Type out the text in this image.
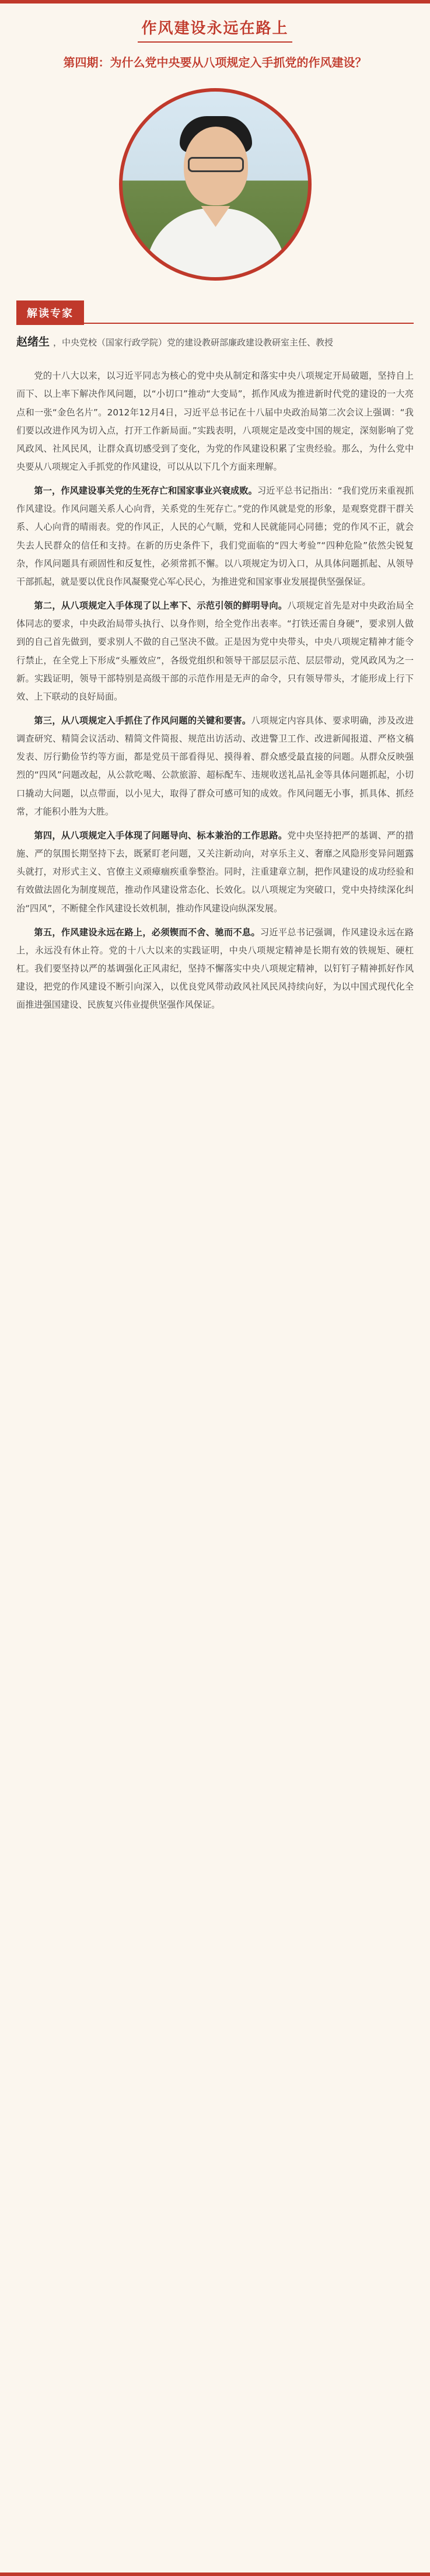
作风建设永远在路上
第四期：为什么党中央要从八项规定入手抓党的作风建设？
解读专家
赵绪生 ，中央党校（国家行政学院）党的建设教研部廉政建设教研室主任、教授

党的十八大以来，以习近平同志为核心的党中央从制定和落实中央八项规定开局破题，坚持自上而下、以上率下解决作风问题，以“小切口”推动“大变局”，抓作风成为推进新时代党的建设的一大亮点和一张“金色名片”。2012年12月4日，习近平总书记在十八届中央政治局第二次会议上强调：“我们要以改进作风为切入点，打开工作新局面。”实践表明，八项规定是改变中国的规定，深刻影响了党风政风、社风民风，让群众真切感受到了变化，为党的作风建设积累了宝贵经验。那么，为什么党中央要从八项规定入手抓党的作风建设，可以从以下几个方面来理解。

第一，作风建设事关党的生死存亡和国家事业兴衰成败。习近平总书记指出：“我们党历来重视抓作风建设。作风问题关系人心向背，关系党的生死存亡。”党的作风就是党的形象，是观察党群干群关系、人心向背的晴雨表。党的作风正，人民的心气顺，党和人民就能同心同德；党的作风不正，就会失去人民群众的信任和支持。在新的历史条件下，我们党面临的“四大考验”“四种危险”依然尖锐复杂，作风问题具有顽固性和反复性，必须常抓不懈。以八项规定为切入口，从具体问题抓起、从领导干部抓起，就是要以优良作风凝聚党心军心民心，为推进党和国家事业发展提供坚强保证。

第二，从八项规定入手体现了以上率下、示范引领的鲜明导向。八项规定首先是对中央政治局全体同志的要求，中央政治局带头执行、以身作则，给全党作出表率。“打铁还需自身硬”，要求别人做到的自己首先做到，要求别人不做的自己坚决不做。正是因为党中央带头，中央八项规定精神才能令行禁止，在全党上下形成“头雁效应”，各级党组织和领导干部层层示范、层层带动，党风政风为之一新。实践证明，领导干部特别是高级干部的示范作用是无声的命令，只有领导带头，才能形成上行下效、上下联动的良好局面。

第三，从八项规定入手抓住了作风问题的关键和要害。八项规定内容具体、要求明确，涉及改进调查研究、精简会议活动、精简文件简报、规范出访活动、改进警卫工作、改进新闻报道、严格文稿发表、厉行勤俭节约等方面，都是党员干部看得见、摸得着、群众感受最直接的问题。从群众反映强烈的“四风”问题改起，从公款吃喝、公款旅游、超标配车、违规收送礼品礼金等具体问题抓起，小切口撬动大问题，以点带面，以小见大，取得了群众可感可知的成效。作风问题无小事，抓具体、抓经常，才能积小胜为大胜。

第四，从八项规定入手体现了问题导向、标本兼治的工作思路。党中央坚持把严的基调、严的措施、严的氛围长期坚持下去，既紧盯老问题，又关注新动向，对享乐主义、奢靡之风隐形变异问题露头就打，对形式主义、官僚主义顽瘴痼疾重拳整治。同时，注重建章立制，把作风建设的成功经验和有效做法固化为制度规范，推动作风建设常态化、长效化。以八项规定为突破口，党中央持续深化纠治“四风”，不断健全作风建设长效机制，推动作风建设向纵深发展。

第五，作风建设永远在路上，必须锲而不舍、驰而不息。习近平总书记强调，作风建设永远在路上，永远没有休止符。党的十八大以来的实践证明，中央八项规定精神是长期有效的铁规矩、硬杠杠。我们要坚持以严的基调强化正风肃纪，坚持不懈落实中央八项规定精神，以钉钉子精神抓好作风建设，把党的作风建设不断引向深入，以优良党风带动政风社风民风持续向好，为以中国式现代化全面推进强国建设、民族复兴伟业提供坚强作风保证。
